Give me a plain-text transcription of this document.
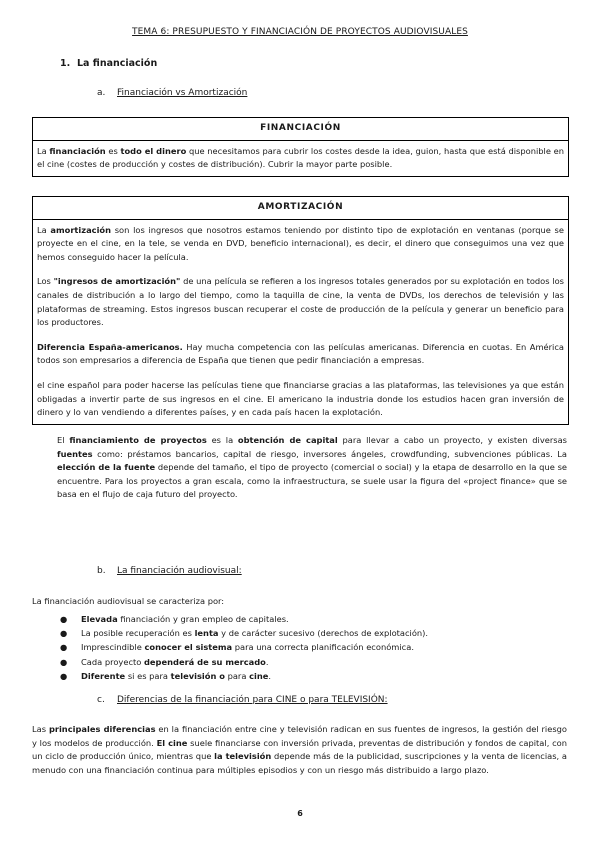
TEMA 6: PRESUPUESTO Y FINANCIACIÓN DE PROYECTOS AUDIOVISUALES
1. La financiación
a. Financiación vs Amortización
FINANCIACIÓN

La financiación es todo el dinero que necesitamos para cubrir los costes desde la idea, guion, hasta que está disponible en el cine (costes de producción y costes de distribución). Cubrir la mayor parte posible.

AMORTIZACIÓN

La amortización son los ingresos que nosotros estamos teniendo por distinto tipo de explotación en ventanas (porque se proyecte en el cine, en la tele, se venda en DVD, beneficio internacional), es decir, el dinero que conseguimos una vez que hemos conseguido hacer la película.

Los "ingresos de amortización" de una película se refieren a los ingresos totales generados por su explotación en todos los canales de distribución a lo largo del tiempo, como la taquilla de cine, la venta de DVDs, los derechos de televisión y las plataformas de streaming. Estos ingresos buscan recuperar el coste de producción de la película y generar un beneficio para los productores.

Diferencia España-americanos. Hay mucha competencia con las películas americanas. Diferencia en cuotas. En América todos son empresarios a diferencia de España que tienen que pedir financiación a empresas.

el cine español para poder hacerse las películas tiene que financiarse gracias a las plataformas, las televisiones ya que están obligadas a invertir parte de sus ingresos en el cine. El americano la industria donde los estudios hacen gran inversión de dinero y lo van vendiendo a diferentes países, y en cada país hacen la explotación.

El financiamiento de proyectos es la obtención de capital para llevar a cabo un proyecto, y existen diversas fuentes como: préstamos bancarios, capital de riesgo, inversores ángeles, crowdfunding, subvenciones públicas. La elección de la fuente depende del tamaño, el tipo de proyecto (comercial o social) y la etapa de desarrollo en la que se encuentre. Para los proyectos a gran escala, como la infraestructura, se suele usar la figura del «project finance» que se basa en el flujo de caja futuro del proyecto.

b. La financiación audiovisual:

La financiación audiovisual se caracteriza por:

● Elevada financiación y gran empleo de capitales.
● La posible recuperación es lenta y de carácter sucesivo (derechos de explotación).
● Imprescindible conocer el sistema para una correcta planificación económica.
● Cada proyecto dependerá de su mercado.
● Diferente si es para televisión o para cine.
c. Diferencias de la financiación para CINE o para TELEVISIÓN:

Las principales diferencias en la financiación entre cine y televisión radican en sus fuentes de ingresos, la gestión del riesgo y los modelos de producción. El cine suele financiarse con inversión privada, preventas de distribución y fondos de capital, con un ciclo de producción único, mientras que la televisión depende más de la publicidad, suscripciones y la venta de licencias, a menudo con una financiación continua para múltiples episodios y con un riesgo más distribuido a largo plazo.

6
